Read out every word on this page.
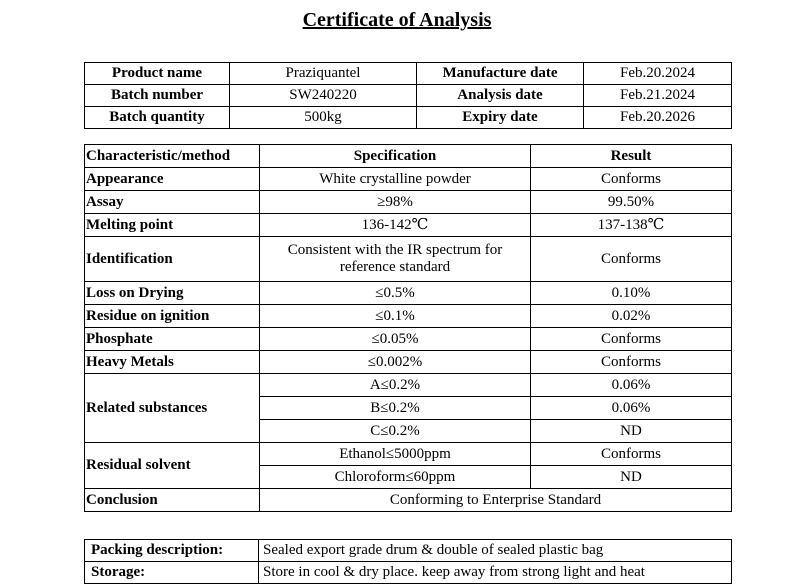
Certificate of Analysis
Product name	Praziquantel	Manufacture date	Feb.20.2024
Batch number	SW240220	Analysis date	Feb.21.2024
Batch quantity	500kg	Expiry date	Feb.20.2026
Characteristic/method	Specification	Result
Appearance	White crystalline powder	Conforms
Assay	≥98%	99.50%
Melting point	136-142℃	137-138℃
Identification	Consistent with the IR spectrum for reference standard	Conforms
Loss on Drying	≤0.5%	0.10%
Residue on ignition	≤0.1%	0.02%
Phosphate	≤0.05%	Conforms
Heavy Metals	≤0.002%	Conforms
Related substances	A≤0.2%	0.06%
	B≤0.2%	0.06%
	C≤0.2%	ND
Residual solvent	Ethanol≤5000ppm	Conforms
	Chloroform≤60ppm	ND
Conclusion	Conforming to Enterprise Standard	
Packing description:	Sealed export grade drum & double of sealed plastic bag
Storage:	Store in cool & dry place. keep away from strong light and heat
